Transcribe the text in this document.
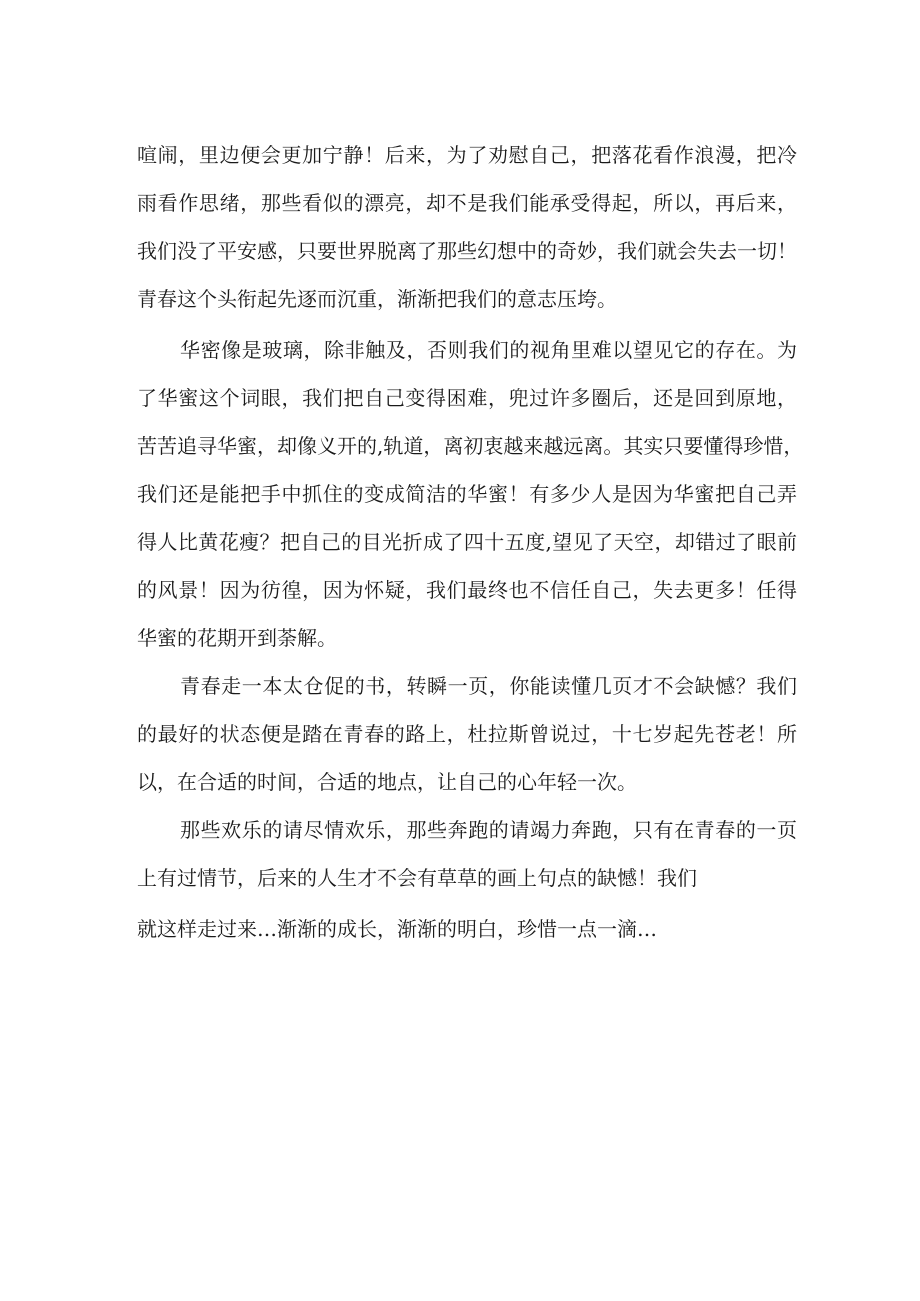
喧闹，里边便会更加宁静！后来，为了劝慰自己，把落花看作浪漫，把冷
雨看作思绪，那些看似的漂亮，却不是我们能承受得起，所以，再后来，
我们没了平安感，只要世界脱离了那些幻想中的奇妙，我们就会失去一切！
青春这个头衔起先逐而沉重，渐渐把我们的意志压垮。
华密像是玻璃，除非触及，否则我们的视角里难以望见它的存在。为
了华蜜这个词眼，我们把自己变得困难，兜过许多圈后，还是回到原地，
苦苦追寻华蜜，却像义开的,轨道，离初衷越来越远离。其实只要懂得珍惜，
我们还是能把手中抓住的变成简洁的华蜜！有多少人是因为华蜜把自己弄
得人比黄花瘦？把自己的目光折成了四十五度,望见了天空，却错过了眼前
的风景！因为彷徨，因为怀疑，我们最终也不信任自己，失去更多！任得
华蜜的花期开到荼解。
青春走一本太仓促的书，转瞬一页，你能读懂几页才不会缺憾？我们
的最好的状态便是踏在青春的路上，杜拉斯曾说过，十七岁起先苍老！所
以，在合适的时间，合适的地点，让自己的心年轻一次。
那些欢乐的请尽情欢乐，那些奔跑的请竭力奔跑，只有在青春的一页
上有过情节，后来的人生才不会有草草的画上句点的缺憾！我们
就这样走过来…渐渐的成长，渐渐的明白，珍惜一点一滴…
